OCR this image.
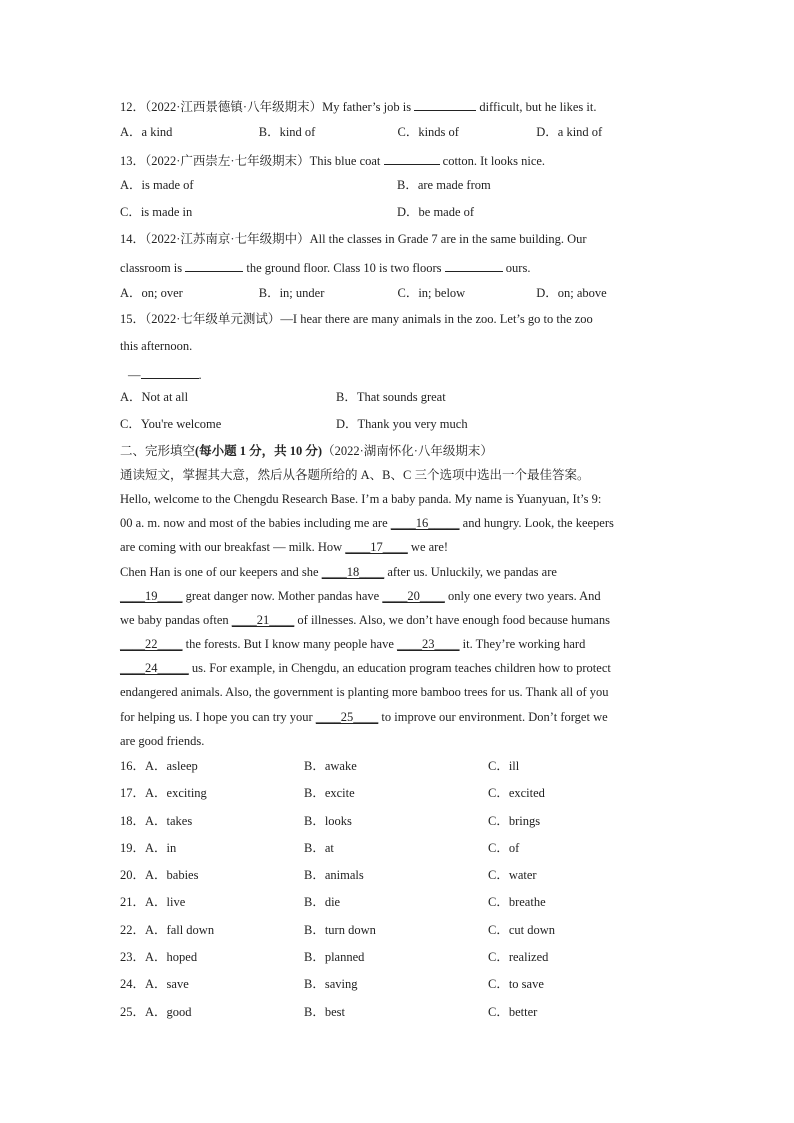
12．（2022·江西景德镇·八年级期末）My father’s job is	difficult, but he likes it.
A．a kind	B．kind of	C．kinds of	D．a kind of
13．（2022·广西崇左·七年级期末）This blue coat	cotton. It looks nice.
A．is made of	B．are made from
C．is made in	D．be made of
14．（2022·江苏南京·七年级期中）All the classes in Grade 7 are in the same building. Our
classroom is	the ground floor. Class 10 is two floors	ours.
A．on; over	B．in; under	C．in; below	D．on; above
15．（2022·七年级单元测试）—I hear there are many animals in the zoo. Let’s go to the zoo
this afternoon.
—	.
A．Not at all	B．That sounds great
C．You're welcome	D．Thank you very much
二、完形填空(每小题 1 分，共 10 分)（2022·湖南怀化·八年级期末）
通读短文，掌握其大意，然后从各题所给的 A、B、C 三个选项中选出一个最佳答案。
Hello, welcome to the Chengdu Research Base. I’m a baby panda. My name is Yuanyuan, It’s 9:
00 a. m. now and most of the babies including me are ____16_____ and hungry. Look, the keepers
are coming with our breakfast — milk. How ____17____ we are!
Chen Han is one of our keepers and she ____18____ after us. Unluckily, we pandas are
____19____ great danger now. Mother pandas have ____20____ only one every two years. And
we baby pandas often ____21____ of illnesses. Also, we don’t have enough food because humans
____22____ the forests. But I know many people have ____23____ it. They’re working hard
____24_____ us. For example, in Chengdu, an education program teaches children how to protect
endangered animals. Also, the government is planting more bamboo trees for us. Thank all of you
for helping us. I hope you can try your ____25____ to improve our environment. Don’t forget we
are good friends.
16．A．asleep	B．awake	C．ill
17．A．exciting	B．excite	C．excited
18．A．takes	B．looks	C．brings
19．A．in	B．at	C．of
20．A．babies	B．animals	C．water
21．A．live	B．die	C．breathe
22．A．fall down	B．turn down	C．cut down
23．A．hoped	B．planned	C．realized
24．A．save	B．saving	C．to save
25．A．good	B．best	C．better
